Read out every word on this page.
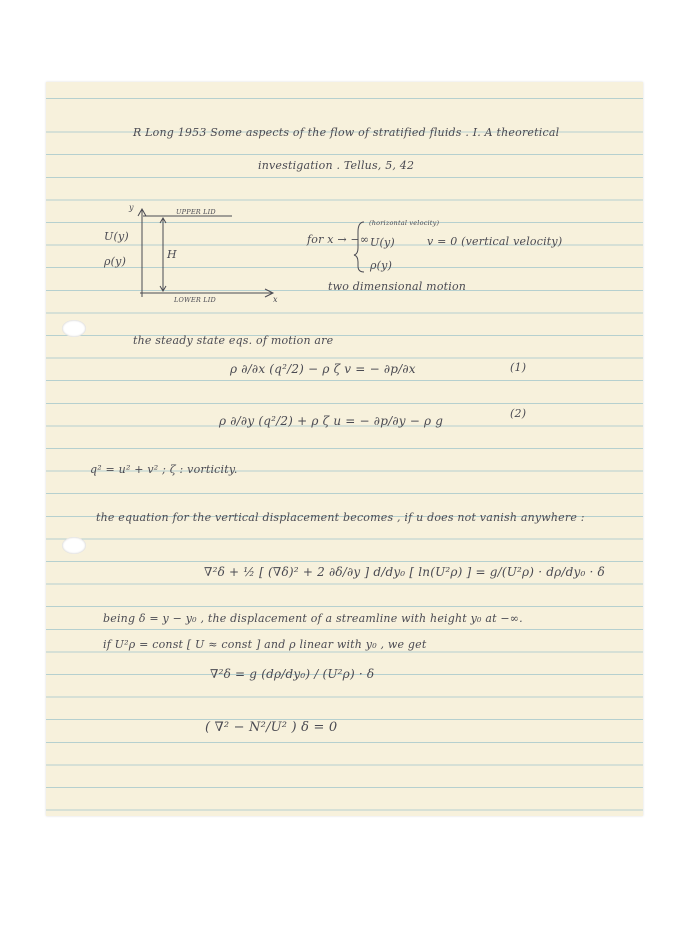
R Long 1953 Some aspects of the flow of stratified fluids . I. A theoretical
investigation . Tellus, 5, 42
y	UPPER LID
U(y)
ρ(y)
H
LOWER LID	x
for x → −∞
(horizontal velocity)
U(y)
ρ(y)
v = 0 (vertical velocity)
two dimensional motion
the steady state eqs. of motion are
ρ ∂/∂x (q²/2) − ρ ζ v = − ∂p/∂x	(1)
ρ ∂/∂y (q²/2) + ρ ζ u = − ∂p/∂y − ρ g
(2)
q² = u² + v² ; ζ : vorticity.
the equation for the vertical displacement becomes , if u does not vanish anywhere :
∇²δ + ½ [ (∇δ)² + 2 ∂δ/∂y ] d/dy₀ [ ln(U²ρ) ] = g/(U²ρ) · dρ/dy₀ · δ
being δ = y − y₀ , the displacement of a streamline with height y₀ at −∞.
if U²ρ = const [ U ≈ const ] and ρ linear with y₀ , we get
∇²δ = g (dρ/dy₀) / (U²ρ) · δ
( ∇² − N²/U² ) δ = 0
